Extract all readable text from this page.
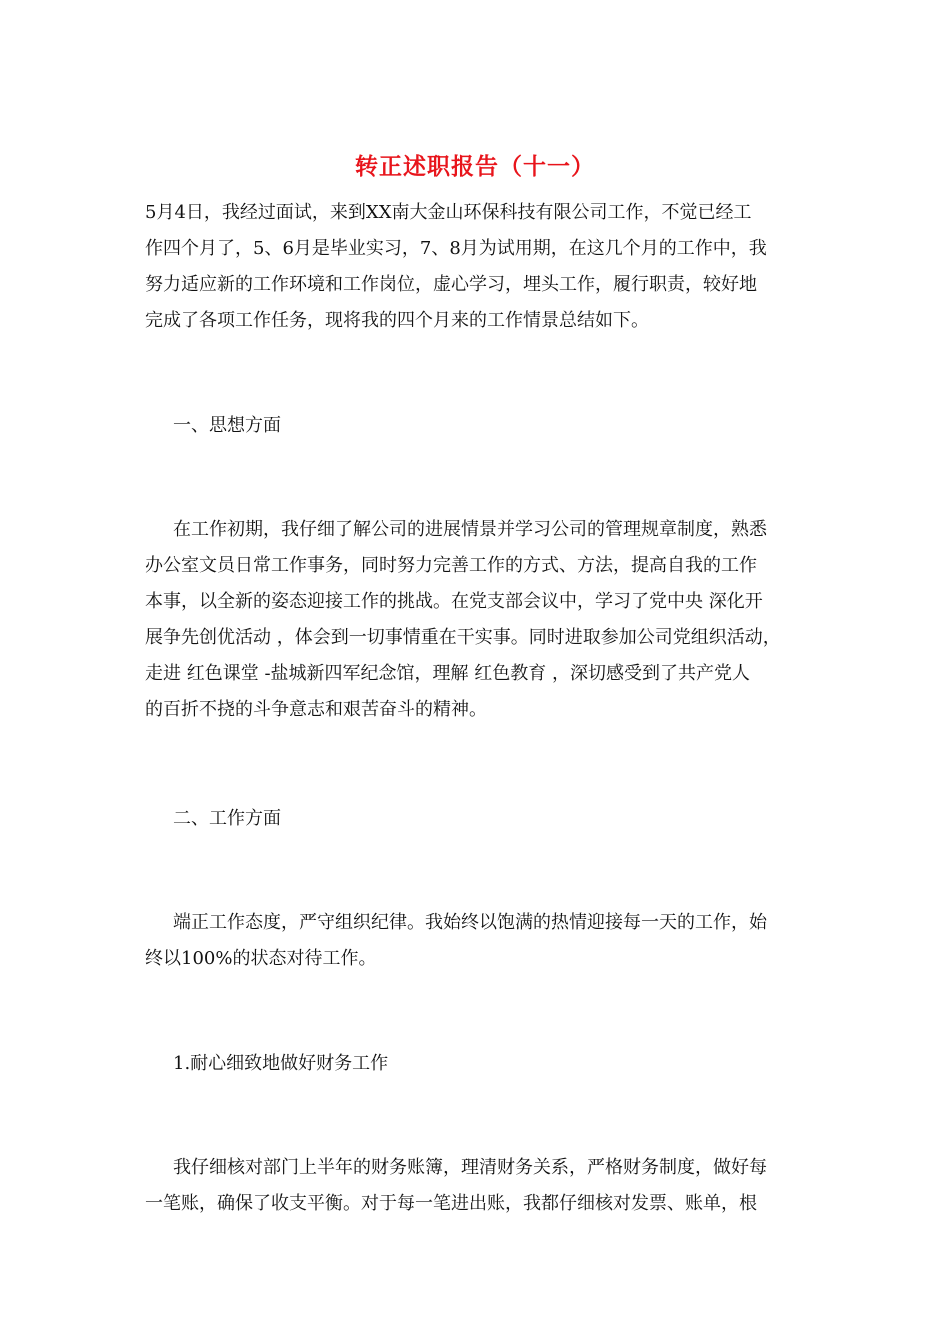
转正述职报告（十一）
5月4日，我经过面试，来到XX南大金山环保科技有限公司工作，不觉已经工
作四个月了，5、6月是毕业实习，7、8月为试用期，在这几个月的工作中，我
努力适应新的工作环境和工作岗位，虚心学习，埋头工作，履行职责，较好地
完成了各项工作任务，现将我的四个月来的工作情景总结如下。
一、思想方面
在工作初期，我仔细了解公司的进展情景并学习公司的管理规章制度，熟悉
办公室文员日常工作事务，同时努力完善工作的方式、方法，提高自我的工作
本事，以全新的姿态迎接工作的挑战。在党支部会议中，学习了党中央 深化开
展争先创优活动 ，体会到一切事情重在干实事。同时进取参加公司党组织活动，
走进 红色课堂 -盐城新四军纪念馆，理解 红色教育 ，深切感受到了共产党人
的百折不挠的斗争意志和艰苦奋斗的精神。
二、工作方面
端正工作态度，严守组织纪律。我始终以饱满的热情迎接每一天的工作，始
终以100%的状态对待工作。
1.耐心细致地做好财务工作
我仔细核对部门上半年的财务账簿，理清财务关系，严格财务制度，做好每
一笔账，确保了收支平衡。对于每一笔进出账，我都仔细核对发票、账单，根
